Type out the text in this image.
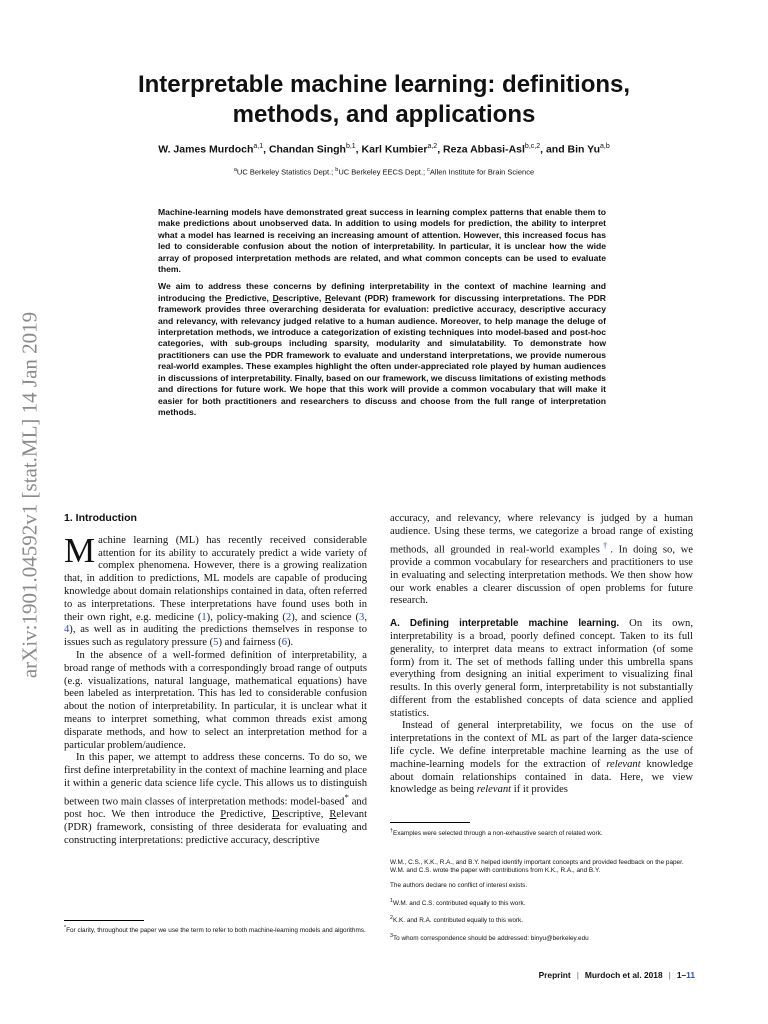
arXiv:1901.04592v1 [stat.ML] 14 Jan 2019
Interpretable machine learning: definitions,
methods, and applications
W. James Murdoch$^{a,1}$, Chandan Singh$^{b,1}$, Karl Kumbier$^{a,2}$, Reza Abbasi-Asl$^{b,c,2}$, and Bin Yu$^{a,b}$
$^a$UC Berkeley Statistics Dept.; $^b$UC Berkeley EECS Dept.; $^c$Allen Institute for Brain Science

Machine-learning models have demonstrated great success in learning complex patterns that enable them to make predictions about unobserved data. In addition to using models for prediction, the ability to interpret what a model has learned is receiving an increasing amount of attention. However, this increased focus has led to considerable confusion about the notion of interpretability. In particular, it is unclear how the wide array of proposed interpretation methods are related, and what common concepts can be used to evaluate them.

We aim to address these concerns by defining interpretability in the context of machine learning and introducing the Predictive, Descriptive, Relevant (PDR) framework for discussing interpretations. The PDR framework provides three overarching desiderata for evaluation: predictive accuracy, descriptive accuracy and relevancy, with relevancy judged relative to a human audience. Moreover, to help manage the deluge of interpretation methods, we introduce a categorization of existing techniques into model-based and post-hoc categories, with sub-groups including sparsity, modularity and simulatability. To demonstrate how practitioners can use the PDR framework to evaluate and understand interpretations, we provide numerous real-world examples. These examples highlight the often under-appreciated role played by human audiences in discussions of interpretability. Finally, based on our framework, we discuss limitations of existing methods and directions for future work. We hope that this work will provide a common vocabulary that will make it easier for both practitioners and researchers to discuss and choose from the full range of interpretation methods.

1. Introduction

Machine learning (ML) has recently received considerable attention for its ability to accurately predict a wide variety of complex phenomena. However, there is a growing realization that, in addition to predictions, ML models are capable of producing knowledge about domain relationships contained in data, often referred to as interpretations. These interpretations have found uses both in their own right, e.g. medicine (1), policy-making (2), and science (3, 4), as well as in auditing the predictions themselves in response to issues such as regulatory pressure (5) and fairness (6).

In the absence of a well-formed definition of interpretability, a broad range of methods with a correspondingly broad range of outputs (e.g. visualizations, natural language, mathematical equations) have been labeled as interpretation. This has led to considerable confusion about the notion of interpretability. In particular, it is unclear what it means to interpret something, what common threads exist among disparate methods, and how to select an interpretation method for a particular problem/audience.

In this paper, we attempt to address these concerns. To do so, we first define interpretability in the context of machine learning and place it within a generic data science life cycle. This allows us to distinguish between two main classes of interpretation methods: model-based* and post hoc. We then introduce the Predictive, Descriptive, Relevant (PDR) framework, consisting of three desiderata for evaluating and constructing interpretations: predictive accuracy, descriptive

accuracy, and relevancy, where relevancy is judged by a human audience. Using these terms, we categorize a broad range of existing methods, all grounded in real-world examples†. In doing so, we provide a common vocabulary for researchers and practitioners to use in evaluating and selecting interpretation methods. We then show how our work enables a clearer discussion of open problems for future research.

A. Defining interpretable machine learning. On its own, interpretability is a broad, poorly defined concept. Taken to its full generality, to interpret data means to extract information (of some form) from it. The set of methods falling under this umbrella spans everything from designing an initial experiment to visualizing final results. In this overly general form, interpretability is not substantially different from the established concepts of data science and applied statistics.

Instead of general interpretability, we focus on the use of interpretations in the context of ML as part of the larger data-science life cycle. We define interpretable machine learning as the use of machine-learning models for the extraction of relevant knowledge about domain relationships contained in data. Here, we view knowledge as being relevant if it provides

†Examples were selected through a non-exhaustive search of related work.

W.M., C.S., K.K., R.A., and B.Y. helped identify important concepts and provided feedback on the paper. W.M. and C.S. wrote the paper with contributions from K.K., R.A., and B.Y.

The authors declare no conflict of interest exists.

$^1$W.M. and C.S. contributed equally to this work.

$^2$K.K. and R.A. contributed equally to this work.

$^3$To whom correspondence should be addressed: binyu@berkeley.edu

*For clarity, throughout the paper we use the term to refer to both machine-learning models and algorithms.
Preprint | Murdoch et al. 2018 | 1–11
